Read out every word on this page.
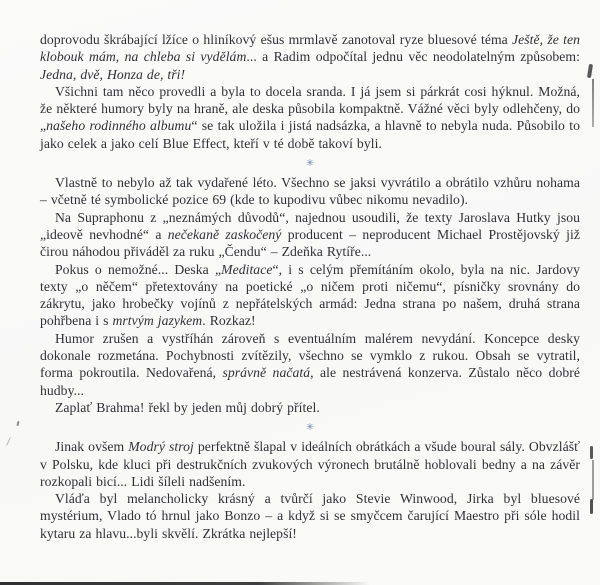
doprovodu škrábající lžíce o hliníkový ešus mrmlavě zanotoval ryze bluesové téma Ještě, že ten klobouk mám, na chleba si vydělám... a Radim odpočítal jednu věc neodolatelným způsobem: Jedna, dvě, Honza de, tři!

Všichni tam něco provedli a byla to docela sranda. I já jsem si párkrát cosi hýknul. Možná, že některé humory byly na hraně, ale deska působila kompaktně. Vážné věci byly odlehčeny, do „našeho rodinného albumu“ se tak uložila i jistá nadsázka, a hlavně to nebyla nuda. Působilo to jako celek a jako celí Blue Effect, kteří v té době takoví byli.

✳

Vlastně to nebylo až tak vydařené léto. Všechno se jaksi vyvrátilo a obrátilo vzhůru nohama – včetně té symbolické pozice 69 (kde to kupodivu vůbec nikomu nevadilo).

Na Supraphonu z „neznámých důvodů“, najednou usoudili, že texty Jaroslava Hutky jsou „ideově nevhodné“ a nečekaně zaskočený producent – neproducent Michael Prostějovský již čirou náhodou přiváděl za ruku „Čendu“ – Zdeňka Rytíře...

Pokus o nemožné... Deska „Meditace“, i s celým přemítáním okolo, byla na nic. Jardovy texty „o něčem“ přetextovány na poetické „o ničem proti ničemu“, písničky srovnány do zákrytu, jako hrobečky vojínů z nepřátelských armád: Jedna strana po našem, druhá strana pohřbena i s mrtvým jazykem. Rozkaz!

Humor zrušen a vystříhán zároveň s eventuálním malérem nevydání. Koncepce desky dokonale rozmetána. Pochybnosti zvítězily, všechno se vymklo z rukou. Obsah se vytratil, forma pokroutila. Nedovařená, správně načatá, ale nestrávená konzerva. Zůstalo něco dobré hudby...

Zaplať Brahma! řekl by jeden můj dobrý přítel.

✳

Jinak ovšem Modrý stroj perfektně šlapal v ideálních obrátkách a všude boural sály. Obvzlášť v Polsku, kde kluci při destrukčních zvukových výronech brutálně hoblovali bedny a na závěr rozkopali bicí... Lidi šíleli nadšením.

Vláďa byl melancholicky krásný a tvůrčí jako Stevie Winwood, Jirka byl bluesové mystérium, Vlado tó hrnul jako Bonzo – a když si se smyčcem čarující Maestro při sóle hodil kytaru za hlavu...byli skvělí. Zkrátka nejlepší!
